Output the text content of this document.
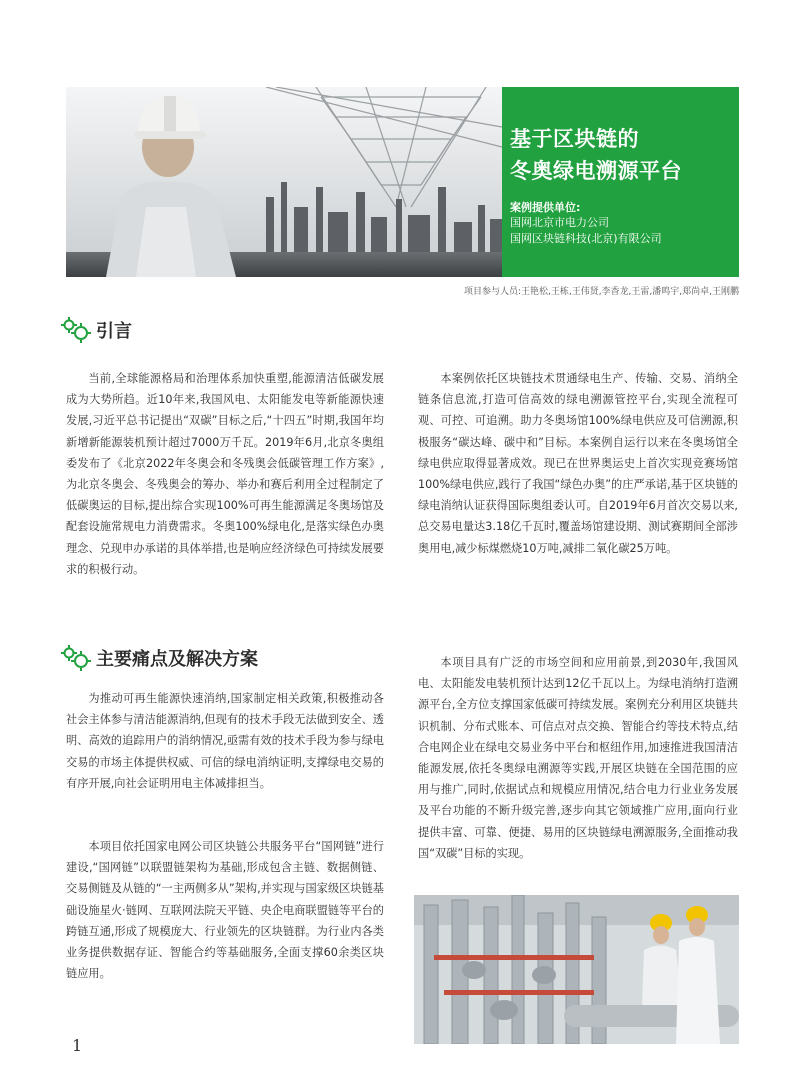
基于区块链的
冬奥绿电溯源平台
案例提供单位:
国网北京市电力公司
国网区块链科技(北京)有限公司
项目参与人员:王艳松,王栋,王伟贤,李香龙,王雷,潘鸣宇,郑尚卓,王刚鹏
引言

当前,全球能源格局和治理体系加快重塑,能源清洁低碳发展成为大势所趋。近10年来,我国风电、太阳能发电等新能源快速发展,习近平总书记提出“双碳”目标之后,“十四五”时期,我国年均新增新能源装机预计超过7000万千瓦。2019年6月,北京冬奥组委发布了《北京2022年冬奥会和冬残奥会低碳管理工作方案》,为北京冬奥会、冬残奥会的筹办、举办和赛后利用全过程制定了低碳奥运的目标,提出综合实现100%可再生能源满足冬奥场馆及配套设施常规电力消费需求。冬奥100%绿电化,是落实绿色办奥理念、兑现申办承诺的具体举措,也是响应经济绿色可持续发展要求的积极行动。

本案例依托区块链技术贯通绿电生产、传输、交易、消纳全链条信息流,打造可信高效的绿电溯源管控平台,实现全流程可观、可控、可追溯。助力冬奥场馆100%绿电供应及可信溯源,积极服务“碳达峰、碳中和”目标。本案例自运行以来在冬奥场馆全绿电供应取得显著成效。现已在世界奥运史上首次实现竞赛场馆100%绿电供应,践行了我国“绿色办奥”的庄严承诺,基于区块链的绿电消纳认证获得国际奥组委认可。自2019年6月首次交易以来,总交易电量达3.18亿千瓦时,覆盖场馆建设期、测试赛期间全部涉奥用电,减少标煤燃烧10万吨,减排二氧化碳25万吨。

主要痛点及解决方案

为推动可再生能源快速消纳,国家制定相关政策,积极推动各社会主体参与清洁能源消纳,但现有的技术手段无法做到安全、透明、高效的追踪用户的消纳情况,亟需有效的技术手段为参与绿电交易的市场主体提供权威、可信的绿电消纳证明,支撑绿电交易的有序开展,向社会证明用电主体减排担当。

本项目依托国家电网公司区块链公共服务平台“国网链”进行建设,“国网链”以联盟链架构为基础,形成包含主链、数据侧链、交易侧链及从链的“一主两侧多从”架构,并实现与国家级区块链基础设施星火·链网、互联网法院天平链、央企电商联盟链等平台的跨链互通,形成了规模庞大、行业领先的区块链群。为行业内各类业务提供数据存证、智能合约等基础服务,全面支撑60余类区块链应用。

本项目具有广泛的市场空间和应用前景,到2030年,我国风电、太阳能发电装机预计达到12亿千瓦以上。为绿电消纳打造溯源平台,全方位支撑国家低碳可持续发展。案例充分利用区块链共识机制、分布式账本、可信点对点交换、智能合约等技术特点,结合电网企业在绿电交易业务中平台和枢纽作用,加速推进我国清洁能源发展,依托冬奥绿电溯源等实践,开展区块链在全国范围的应用与推广,同时,依据试点和规模应用情况,结合电力行业业务发展及平台功能的不断升级完善,逐步向其它领域推广应用,面向行业提供丰富、可靠、便捷、易用的区块链绿电溯源服务,全面推动我国“双碳”目标的实现。

1
